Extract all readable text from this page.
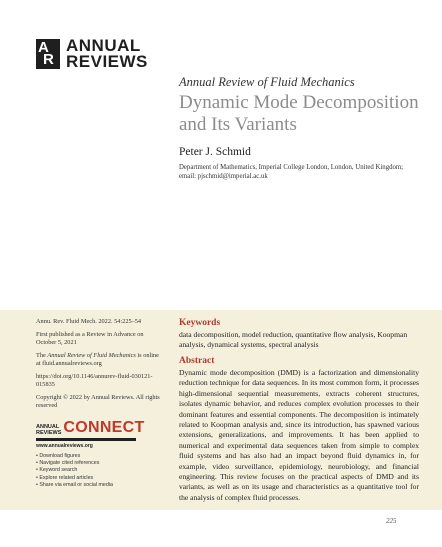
A
R
ANNUAL
REVIEWS
Annual Review of Fluid Mechanics
Dynamic Mode Decomposition and Its Variants
Peter J. Schmid
Department of Mathematics, Imperial College London, London, United Kingdom; email: pjschmid@imperial.ac.uk

Annu. Rev. Fluid Mech. 2022. 54:225–54

First published as a Review in Advance on October 5, 2021

The Annual Review of Fluid Mechanics is online at fluid.annualreviews.org

https://doi.org/10.1146/annurev-fluid-030121-015835

Copyright © 2022 by Annual Reviews. All rights reserved

ANNUAL
REVIEWS CONNECT
www.annualreviews.org
• Download figures
• Navigate cited references
• Keyword search
• Explore related articles
• Share via email or social media
Keywords
data decomposition, model reduction, quantitative flow analysis, Koopman analysis, dynamical systems, spectral analysis
Abstract

Dynamic mode decomposition (DMD) is a factorization and dimensionality reduction technique for data sequences. In its most common form, it processes high-dimensional sequential measurements, extracts coherent structures, isolates dynamic behavior, and reduces complex evolution processes to their dominant features and essential components. The decomposition is intimately related to Koopman analysis and, since its introduction, has spawned various extensions, generalizations, and improvements. It has been applied to numerical and experimental data sequences taken from simple to complex fluid systems and has also had an impact beyond fluid dynamics in, for example, video surveillance, epidemiology, neurobiology, and financial engineering. This review focuses on the practical aspects of DMD and its variants, as well as on its usage and characteristics as a quantitative tool for the analysis of complex fluid processes.

225
